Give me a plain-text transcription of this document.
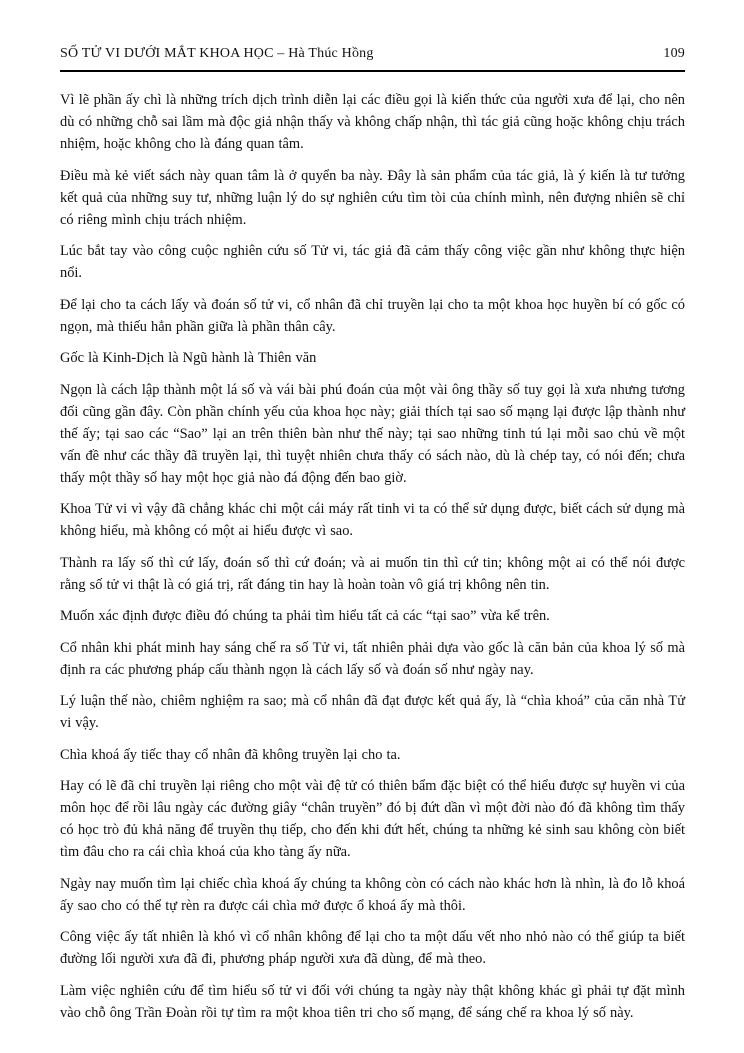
SỐ TỬ VI DƯỚI MẮT KHOA HỌC – Hà Thúc Hồng	109

Vì lẽ phần ấy chì là những trích dịch trình diễn lại các điều gọi là kiến thức của người xưa để lại, cho nên dù có những chỗ sai lầm mà độc giả nhận thấy và không chấp nhận, thì tác giả cũng hoặc không chịu trách nhiệm, hoặc không cho là đáng quan tâm.

Điều mà kẻ viết sách này quan tâm là ở quyển ba này. Đây là sản phẩm của tác giả, là ý kiến là tư tưởng kết quả của những suy tư, những luận lý do sự nghiên cứu tìm tòi của chính mình, nên đượng nhiên sẽ chỉ có riêng mình chịu trách nhiệm.

Lúc bắt tay vào công cuộc nghiên cứu số Tử vi, tác giả đã cảm thấy công việc gần như không thực hiện nổi.

Để lại cho ta cách lấy và đoán số tử vi, cổ nhân đã chỉ truyền lại cho ta một khoa học huyền bí có gốc có ngọn, mà thiếu hẳn phần giữa là phần thân cây.

Gốc là Kinh-Dịch là Ngũ hành là Thiên văn

Ngọn là cách lập thành một lá số và vái bài phú đoán của một vài ông thầy số tuy gọi là xưa nhưng tương đối cũng gần đây. Còn phần chính yếu của khoa học này; giải thích tại sao số mạng lại được lập thành như thế ấy; tại sao các “Sao” lại an trên thiên bàn như thế này; tại sao những tinh tú lại mỗi sao chủ về một vấn đề như các thầy đã truyền lại, thì tuyệt nhiên chưa thấy có sách nào, dù là chép tay, có nói đến; chưa thấy một thầy số hay một học giả nào đá động đến bao giờ.

Khoa Tử vi vì vậy đã chẳng khác chi một cái máy rất tinh vi ta có thể sử dụng được, biết cách sử dụng mà không hiểu, mà không có một ai hiểu được vì sao.

Thành ra lấy số thì cứ lấy, đoán số thì cứ đoán; và ai muốn tin thì cứ tin; không một ai có thể nói được rằng số tử vi thật là có giá trị, rất đáng tin hay là hoàn toàn vô giá trị không nên tin.

Muốn xác định được điều đó chúng ta phải tìm hiểu tất cả các “tại sao” vừa kể trên.

Cổ nhân khi phát minh hay sáng chế ra số Tử vi, tất nhiên phải dựa vào gốc là căn bản của khoa lý số mà định ra các phương pháp cấu thành ngọn là cách lấy số và đoán số như ngày nay.

Lý luận thế nào, chiêm nghiệm ra sao; mà cổ nhân đã đạt được kết quả ấy, là “chìa khoá” của căn nhà Tử vi vậy.

Chìa khoá ấy tiếc thay cổ nhân đã không truyền lại cho ta.

Hay có lẽ đã chỉ truyền lại riêng cho một vài đệ tử có thiên bẩm đặc biệt có thể hiểu được sự huyền vi của môn học để rồi lâu ngày các đường giây “chân truyền” đó bị đứt dần vì một đời nào đó đã không tìm thấy có học trò đủ khả năng để truyền thụ tiếp, cho đến khi đứt hết, chúng ta những kẻ sinh sau không còn biết tìm đâu cho ra cái chìa khoá của kho tàng ấy nữa.

Ngày nay muốn tìm lại chiếc chìa khoá ấy chúng ta không còn có cách nào khác hơn là nhìn, là đo lỗ khoá ấy sao cho có thể tự rèn ra được cái chìa mở được ổ khoá ấy mà thôi.

Công việc ấy tất nhiên là khó vì cổ nhân không để lại cho ta một dấu vết nho nhỏ nào có thể giúp ta biết đường lối người xưa đã đi, phương pháp người xưa đã dùng, để mà theo.

Làm việc nghiên cứu để tìm hiểu số tử vi đối với chúng ta ngày này thật không khác gì phải tự đặt mình vào chỗ ông Trần Đoàn rồi tự tìm ra một khoa tiên tri cho số mạng, để sáng chế ra khoa lý số này.
